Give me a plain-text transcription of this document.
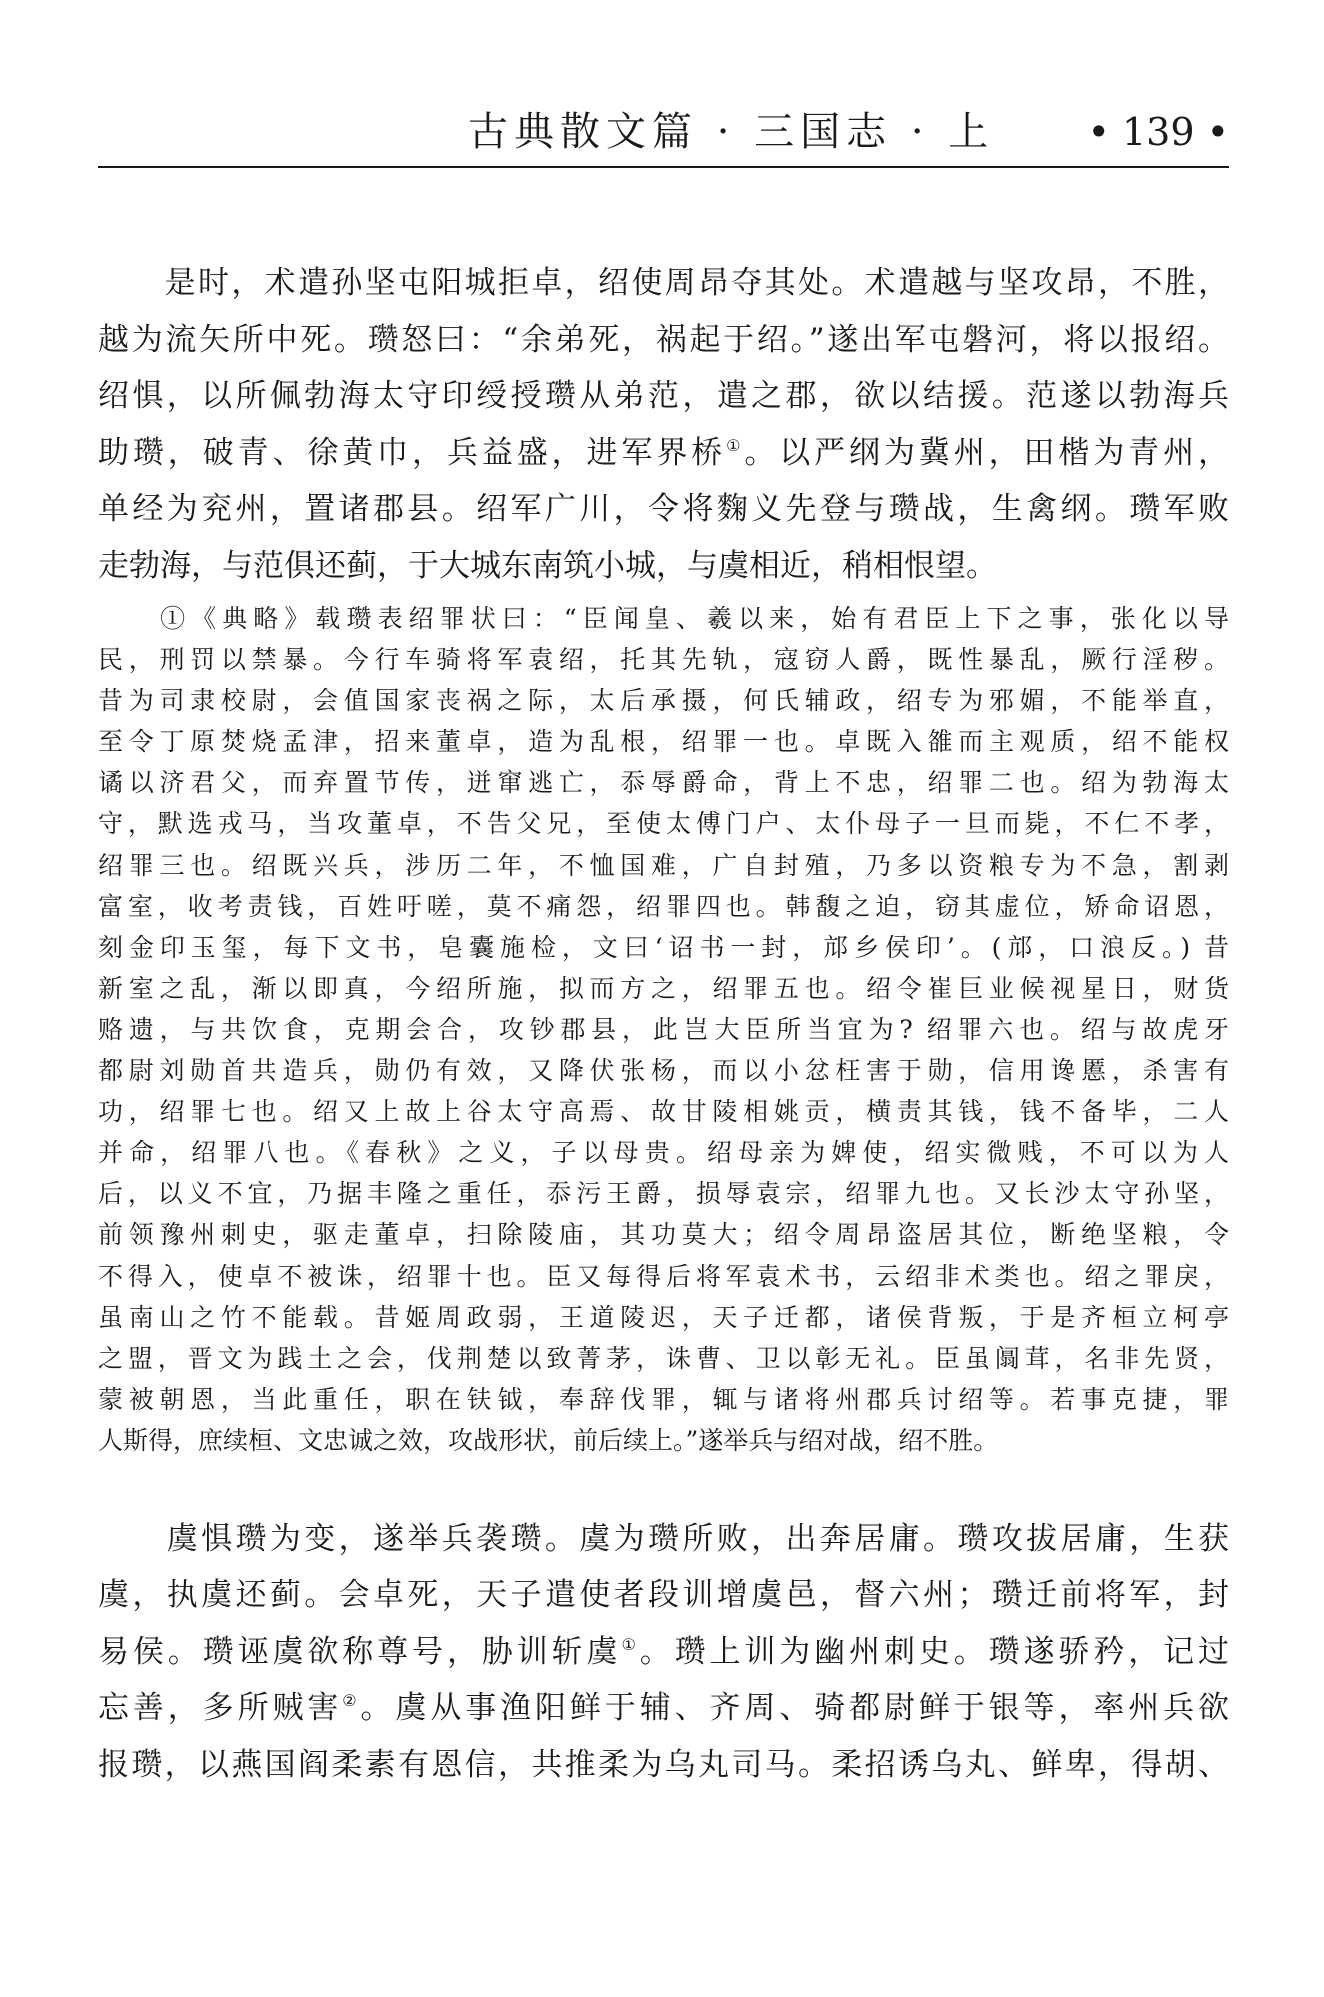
古典散文篇 · 三国志 · 上 • 139 •
　　是时，术遣孙坚屯阳城拒卓，绍使周昂夺其处。术遣越与坚攻昂，不胜，
越为流矢所中死。瓒怒曰：“余弟死，祸起于绍。”遂出军屯磐河，将以报绍。
绍惧，以所佩勃海太守印绶授瓒从弟范，遣之郡，欲以结援。范遂以勃海兵
助瓒，破青、徐黄巾，兵益盛，进军界桥①。以严纲为冀州，田楷为青州，
单经为兖州，置诸郡县。绍军广川，令将麴义先登与瓒战，生禽纲。瓒军败
走勃海，与范俱还蓟，于大城东南筑小城，与虞相近，稍相恨望。
　　①《典略》载瓒表绍罪状曰：“臣闻皇、羲以来，始有君臣上下之事，张化以导
民，刑罚以禁暴。今行车骑将军袁绍，托其先轨，寇窃人爵，既性暴乱，厥行淫秽。
昔为司隶校尉，会值国家丧祸之际，太后承摄，何氏辅政，绍专为邪媚，不能举直，
至令丁原焚烧孟津，招来董卓，造为乱根，绍罪一也。卓既入雒而主观质，绍不能权
谲以济君父，而弃置节传，迸窜逃亡，忝辱爵命，背上不忠，绍罪二也。绍为勃海太
守，默选戎马，当攻董卓，不告父兄，至使太傅门户、太仆母子一旦而毙，不仁不孝，
绍罪三也。绍既兴兵，涉历二年，不恤国难，广自封殖，乃多以资粮专为不急，割剥
富室，收考责钱，百姓吁嗟，莫不痛怨，绍罪四也。韩馥之迫，窃其虚位，矫命诏恩，
刻金印玉玺，每下文书，皂囊施检，文曰‘诏书一封，邟乡侯印’。(邟，口浪反。) 昔
新室之乱，渐以即真，今绍所施，拟而方之，绍罪五也。绍令崔巨业候视星日，财货
赂遗，与共饮食，克期会合，攻钞郡县，此岂大臣所当宜为? 绍罪六也。绍与故虎牙
都尉刘勋首共造兵，勋仍有效，又降伏张杨，而以小忿枉害于勋，信用谗慝，杀害有
功，绍罪七也。绍又上故上谷太守高焉、故甘陵相姚贡，横责其钱，钱不备毕，二人
并命，绍罪八也。《春秋》之义，子以母贵。绍母亲为婢使，绍实微贱，不可以为人
后，以义不宜，乃据丰隆之重任，忝污王爵，损辱袁宗，绍罪九也。又长沙太守孙坚，
前领豫州刺史，驱走董卓，扫除陵庙，其功莫大；绍令周昂盗居其位，断绝坚粮，令
不得入，使卓不被诛，绍罪十也。臣又每得后将军袁术书，云绍非术类也。绍之罪戾，
虽南山之竹不能载。昔姬周政弱，王道陵迟，天子迁都，诸侯背叛，于是齐桓立柯亭
之盟，晋文为践土之会，伐荆楚以致菁茅，诛曹、卫以彰无礼。臣虽阘茸，名非先贤，
蒙被朝恩，当此重任，职在𫓧钺，奉辞伐罪，辄与诸将州郡兵讨绍等。若事克捷，罪
人斯得，庶续桓、文忠诚之效，攻战形状，前后续上。”遂举兵与绍对战，绍不胜。
　　虞惧瓒为变，遂举兵袭瓒。虞为瓒所败，出奔居庸。瓒攻拔居庸，生获
虞，执虞还蓟。会卓死，天子遣使者段训增虞邑，督六州；瓒迁前将军，封
易侯。瓒诬虞欲称尊号，胁训斩虞①。瓒上训为幽州刺史。瓒遂骄矜，记过
忘善，多所贼害②。虞从事渔阳鲜于辅、齐周、骑都尉鲜于银等，率州兵欲
报瓒，以燕国阎柔素有恩信，共推柔为乌丸司马。柔招诱乌丸、鲜卑，得胡、
